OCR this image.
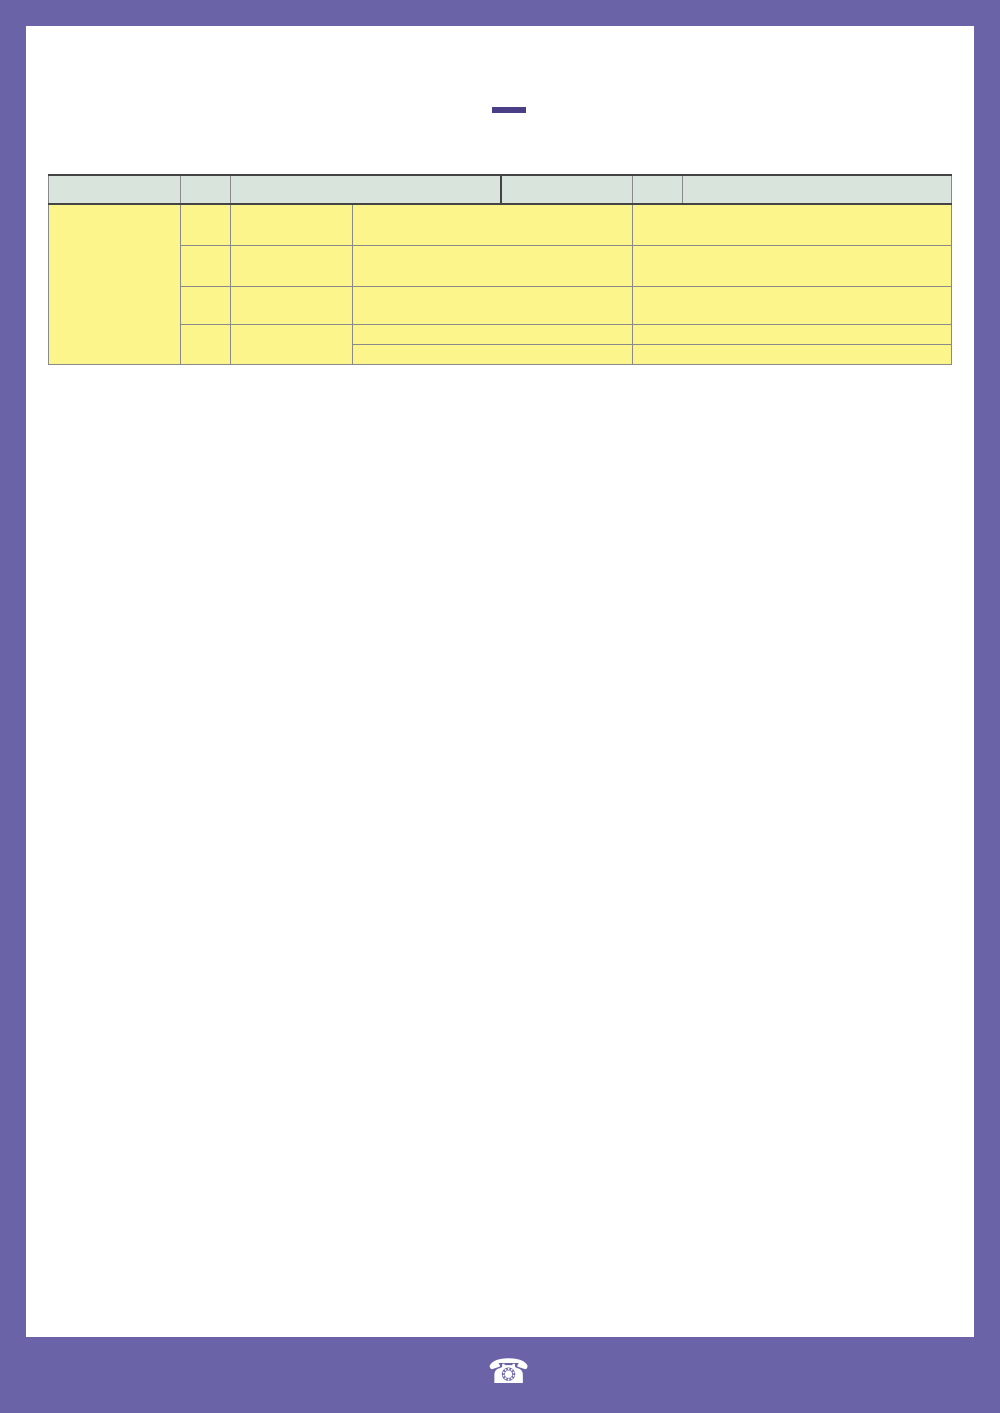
☎
